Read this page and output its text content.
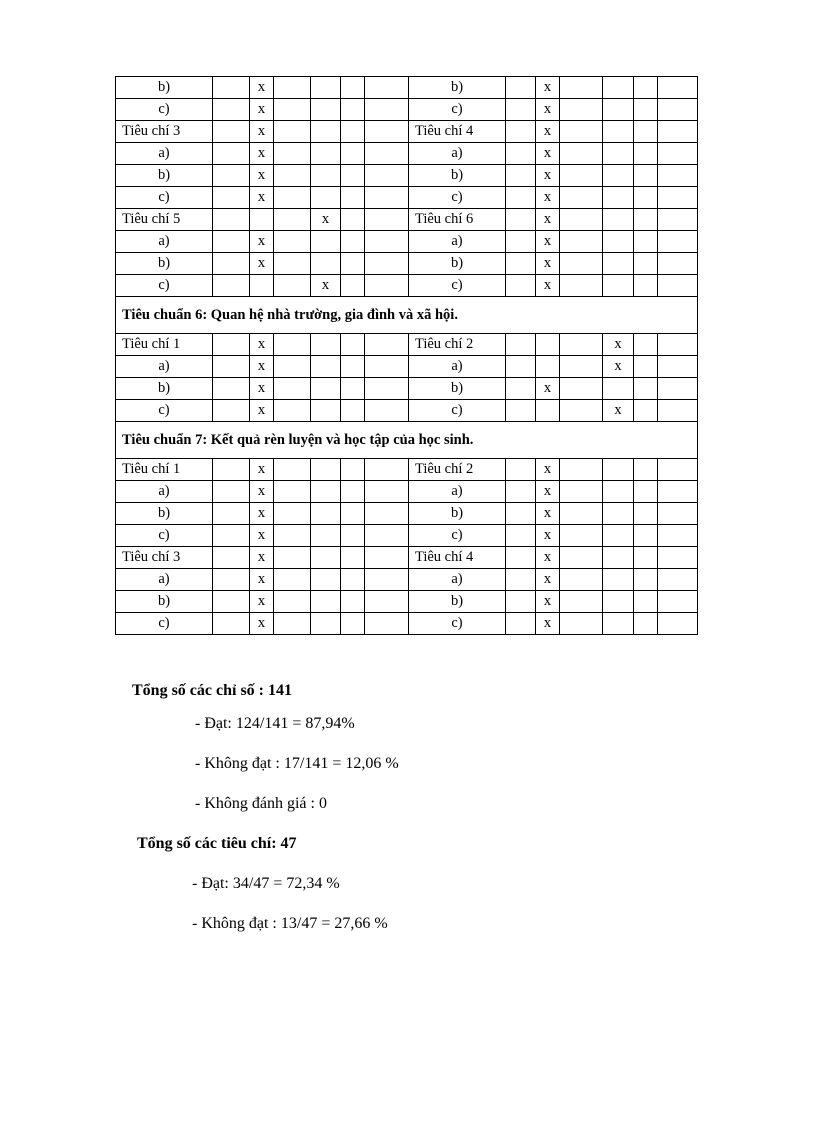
b)		x					b)		x				
c)		x					c)		x				
Tiêu chí 3		x					Tiêu chí 4		x				
a)		x					a)		x				
b)		x					b)		x				
c)		x					c)		x				
Tiêu chí 5				x			Tiêu chí 6		x				
a)		x					a)		x				
b)		x					b)		x				
c)				x			c)		x				
Tiêu chuẩn 6: Quan hệ nhà trường, gia đình và xã hội.													
Tiêu chí 1		x					Tiêu chí 2				x		
a)		x					a)				x		
b)		x					b)		x				
c)		x					c)				x		
Tiêu chuẩn 7: Kết quả rèn luyện và học tập của học sinh.													
Tiêu chí 1		x					Tiêu chí 2		x				
a)		x					a)		x				
b)		x					b)		x				
c)		x					c)		x				
Tiêu chí 3		x					Tiêu chí 4		x				
a)		x					a)		x				
b)		x					b)		x				
c)		x					c)		x				
Tổng số các chỉ số : 141
- Đạt: 124/141 = 87,94%
- Không đạt : 17/141 = 12,06 %
- Không đánh giá : 0
Tổng số các tiêu chí: 47
- Đạt: 34/47 = 72,34 %
- Không đạt : 13/47 = 27,66 %
